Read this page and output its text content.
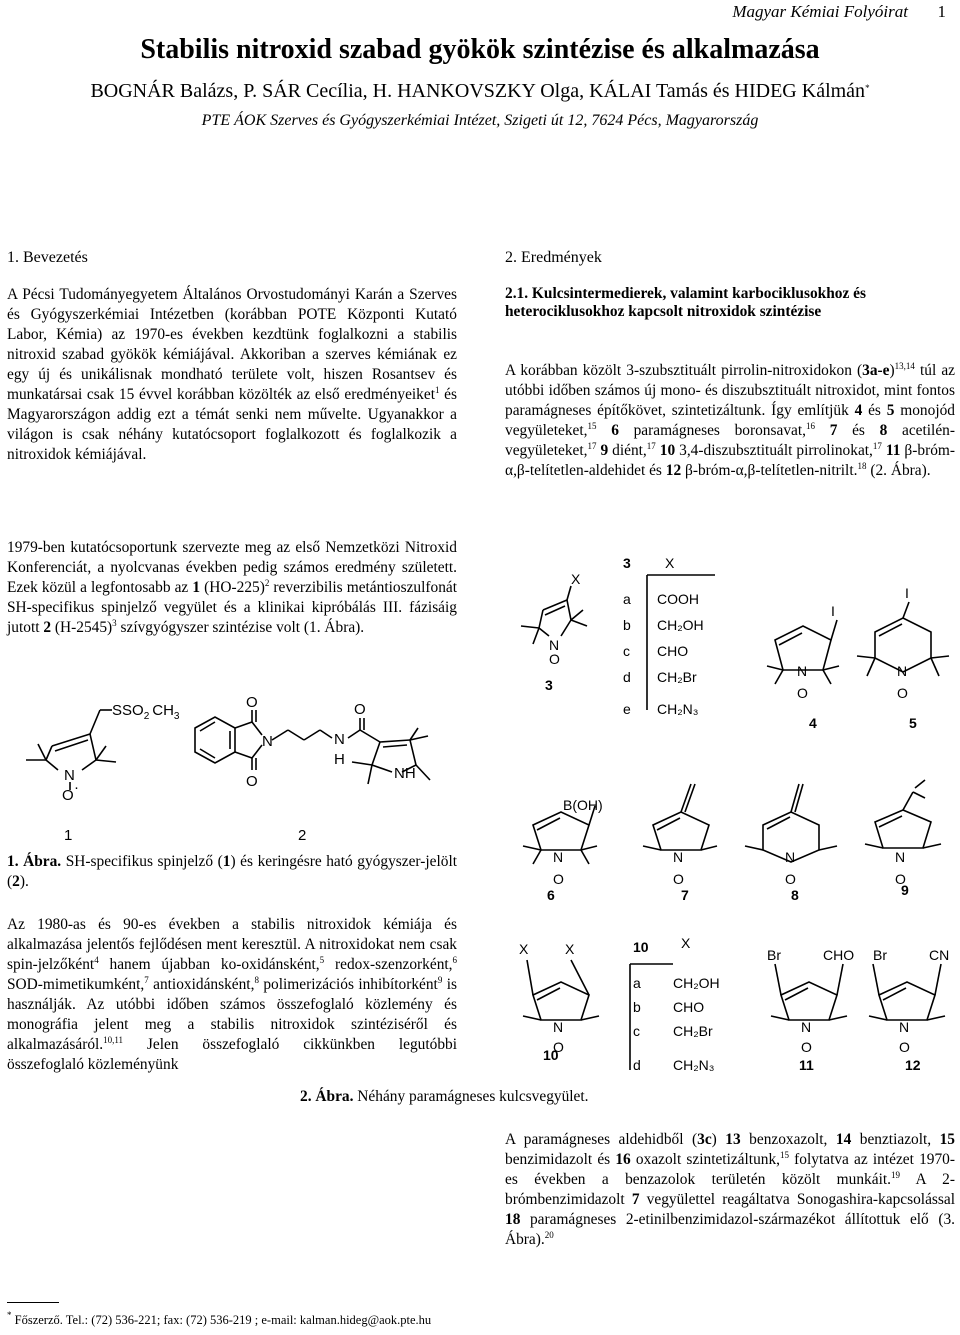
Magyar Kémiai Folyóirat 1
Stabilis nitroxid szabad gyökök szintézise és alkalmazása
BOGNÁR Balázs, P. SÁR Cecília, H. HANKOVSZKY Olga, KÁLAI Tamás és HIDEG Kálmán*
PTE ÁOK Szerves és Gyógyszerkémiai Intézet, Szigeti út 12, 7624 Pécs, Magyarország
1. Bevezetés

A Pécsi Tudományegyetem Általános Orvostudományi Karán a Szerves és Gyógyszerkémiai Intézetben (korábban POTE Központi Kutató Labor, Kémia) az 1970-es években kezdtünk foglalkozni a stabilis nitroxid szabad gyökök kémiájával. Akkoriban a szerves kémiának ez egy új és unikálisnak mondható területe volt, hiszen Rosantsev és munkatársai csak 15 évvel korábban közölték az első eredményeiket$^1$ és Magyarországon addig ezt a témát senki nem művelte. Ugyanakkor a világon is csak néhány kutatócsoport foglalkozott és foglalkozik a nitroxidok kémiájával.

1979-ben kutatócsoportunk szervezte meg az első Nemzetközi Nitroxid Konferenciát, a nyolcvanas években pedig számos eredmény született. Ezek közül a legfontosabb az 1 $(HO-225)^2$ reverzibilis metántioszulfonát SH-specifikus spinjelző vegyület és a klinikai kipróbálás III. fázisáig jutott 2 $(H-2545)^3$ szívgyógyszer szintézise volt (1. Ábra).

$SSO_2$ $CH_3$
N
O ·
O
O
N	N
H
O
NH
1	2

1. Ábra. SH-specifikus spinjelző (1) és keringésre ható gyógyszer-jelölt (2).

Az 1980-as és 90-es években a stabilis nitroxidok kémiája és alkalmazása jelentős fejlődésen ment keresztül. A nitroxidokat nem csak spin-jelzőként$^4$ hanem újabban ko-oxidánsként,$^5$ redox-szenzorként,$^6$ SOD-mimetikumként,$^7$ antioxidánsként,$^8$ polimerizációs inhibítorként$^9$ is használják. Az utóbbi időben számos összefoglaló közlemény és monográfia jelent meg a stabilis nitroxidok szintéziséről és alkalmazásáról.$^{10,11}$ Jelen összefoglaló cikkünkben legutóbbi összefoglaló közleményünk

2. Eredmények
2.1. Kulcsintermedierek, valamint karbociklusokhoz és heterociklusokhoz kapcsolt nitroxidok szintézise

A korábban közölt 3-szubsztituált pirrolin-nitroxidokon $(3a-e)^{13,14}$ túl az utóbbi időben számos új mono- és diszubsztituált nitroxidot, mint fontos paramágneses építőkövet, szintetizáltunk. Így említjük 4 és 5 monojód vegyületeket,$^{15}$ 6 paramágneses boronsavat,$^{16}$ 7 és 8 acetilén-vegyületeket,$^{17}$ 9 diént,$^{17}$ 10 3,4-diszubsztituált pirrolinokat,$^{17}$ 11 β-bróm-α,β-telítetlen-aldehidet és 12 β-bróm-α,β-telítetlen-nitrilt.$^{18}$ (2. Ábra).

X
N
O
3
3 X
a COOH
b CH₂OH
c CHO
d CH₂Br
e CH₂N₃
I
N
O
4
I
N
O
5
B(OH)
N
O
6
N
O
7
N
O
8
N
O
9
X	X
N
O
10
10 X
a CH₂OH
b CHO
c CH₂Br
d CH₂N₃
Br	CHO
N
O
11
Br	CN
N
O
12

2. Ábra. Néhány paramágneses kulcsvegyület.

A paramágneses aldehidből (3c) 13 benzoxazolt, 14 benztiazolt, 15 benzimidazolt és 16 oxazolt szintetizáltunk,$^{15}$ folytatva az intézet 1970-es években a benzazolok területén közölt munkáit.$^{19}$ A 2-brómbenzimidazolt 7 vegyülettel reagáltatva Sonogashira-kapcsolással 18 paramágneses 2-etinilbenzimidazol-származékot állítottuk elő (3. Ábra).$^{20}$

* Főszerző. Tel.: (72) 536-221; fax: (72) 536-219 ; e-mail: kalman.hideg@aok.pte.hu
